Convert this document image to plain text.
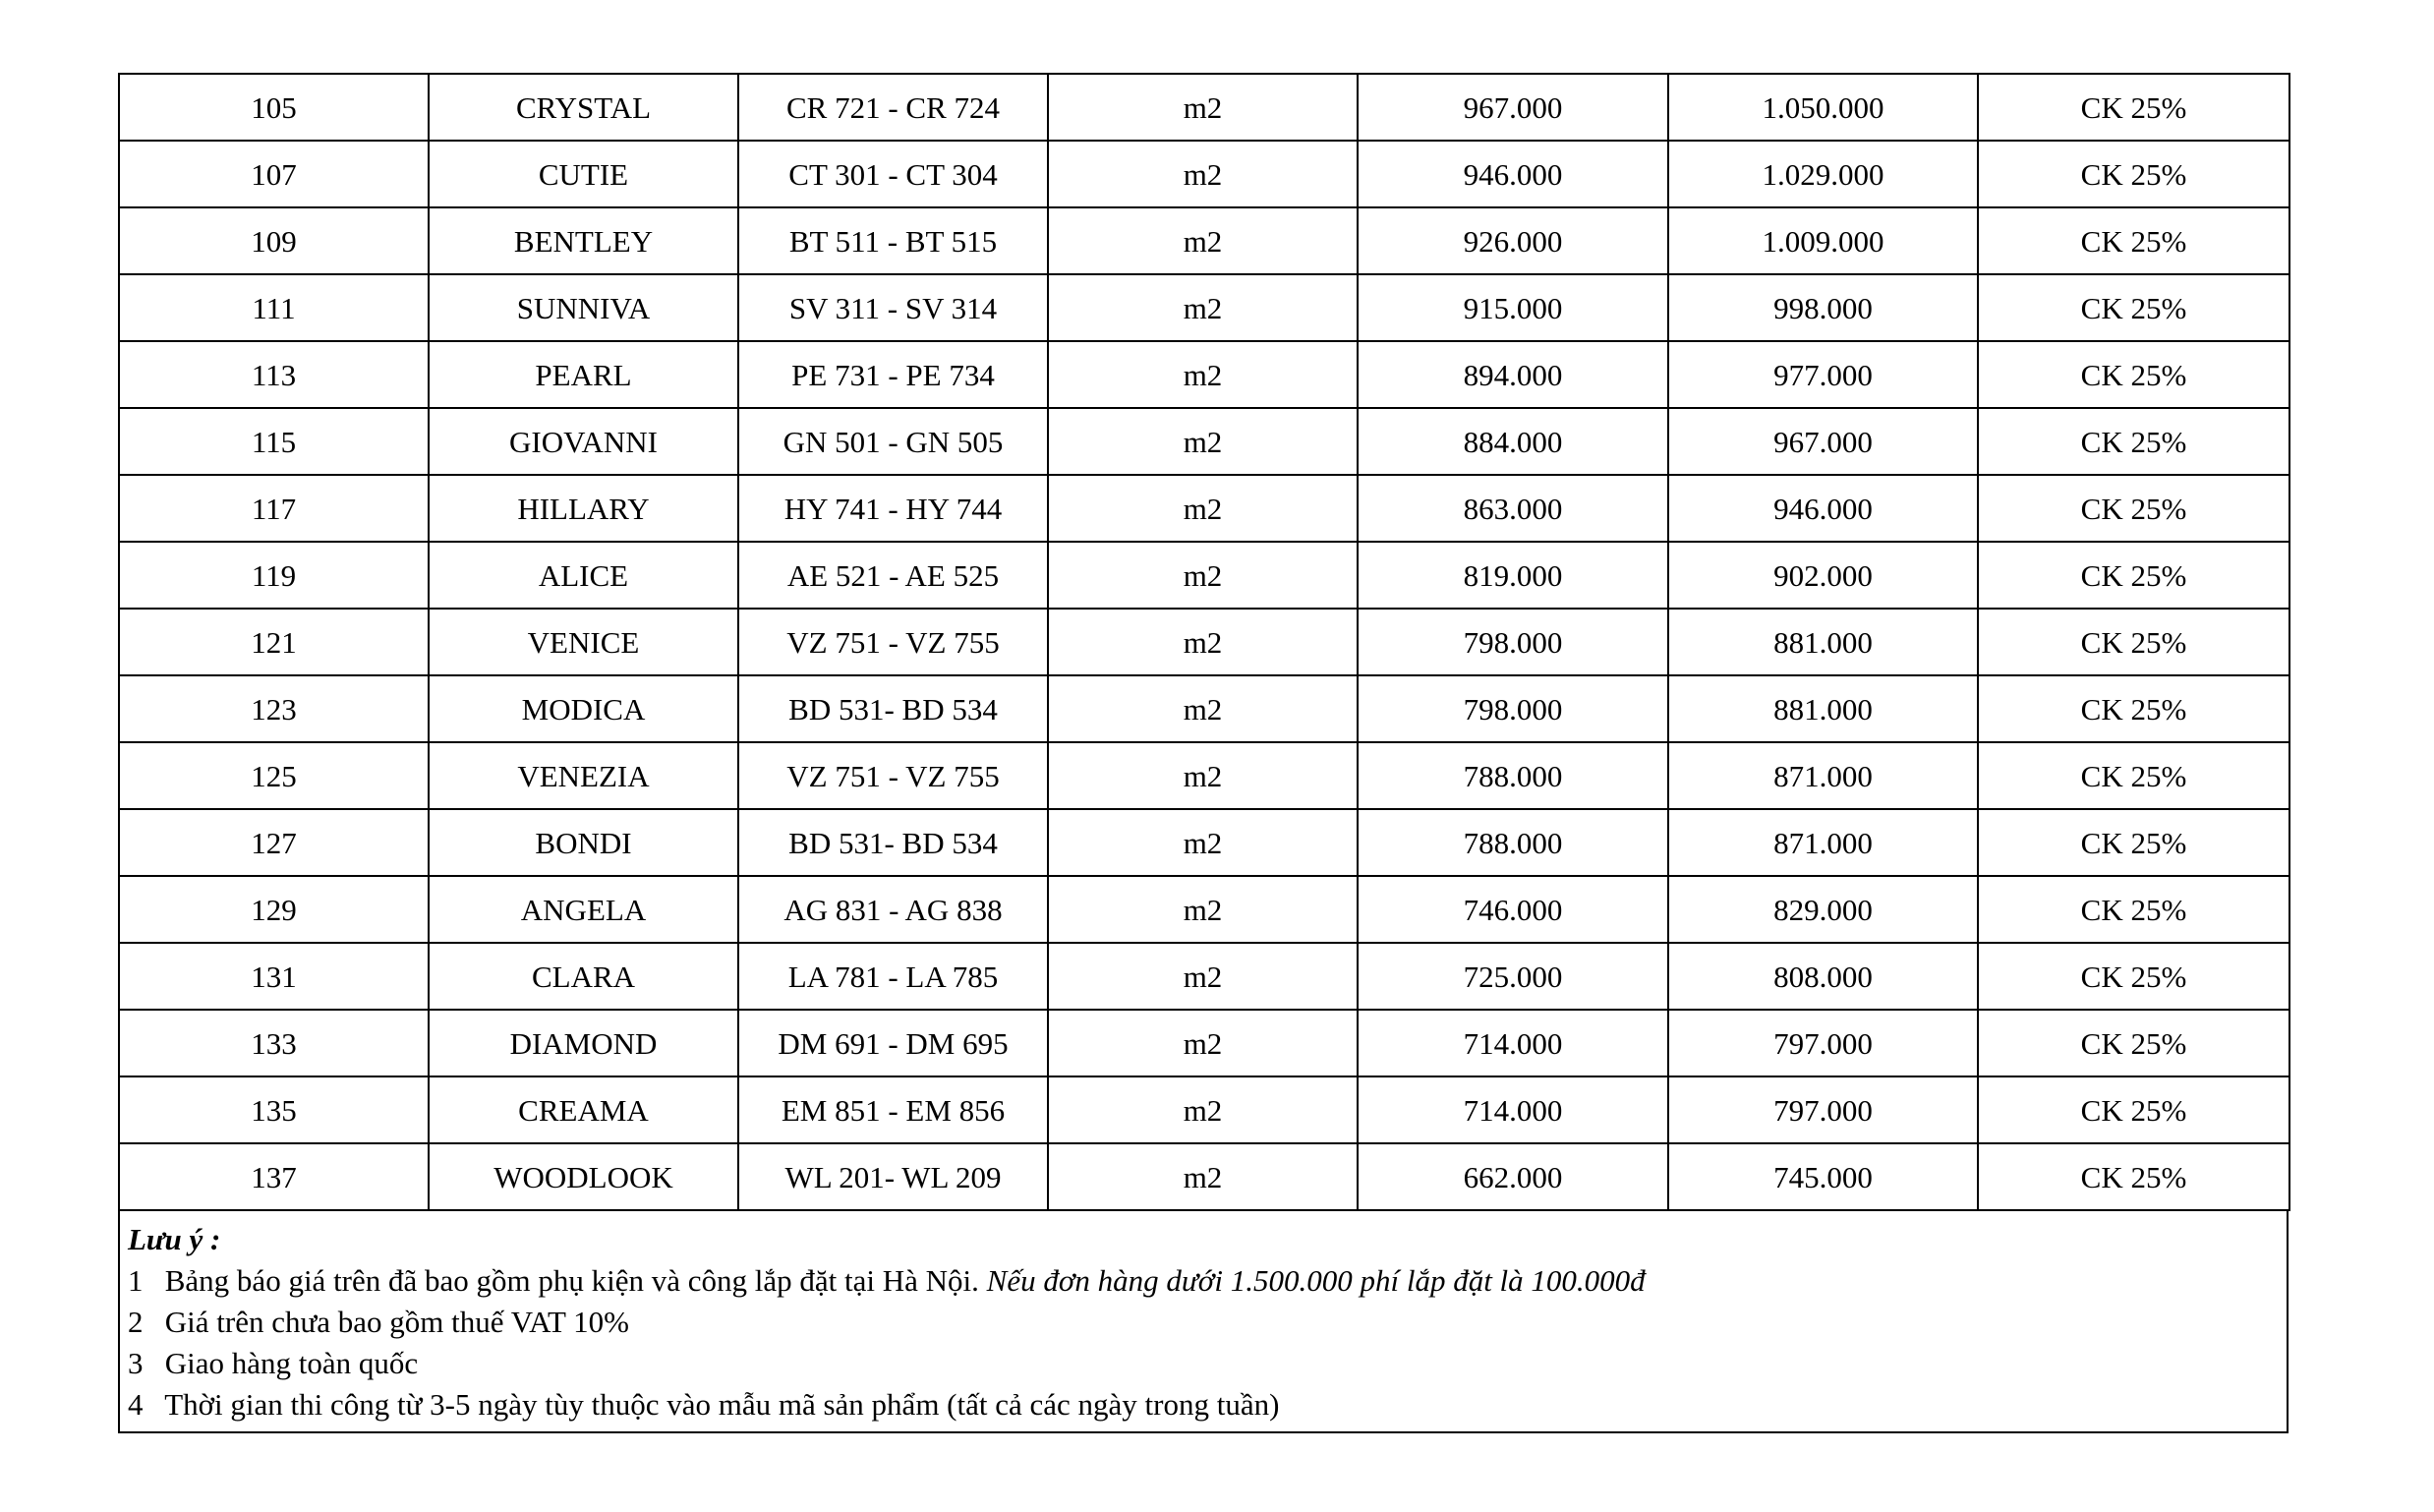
105	CRYSTAL	CR 721 - CR 724	m2	967.000	1.050.000	CK 25%
107	CUTIE	CT 301 - CT 304	m2	946.000	1.029.000	CK 25%
109	BENTLEY	BT 511 - BT 515	m2	926.000	1.009.000	CK 25%
111	SUNNIVA	SV 311 - SV 314	m2	915.000	998.000	CK 25%
113	PEARL	PE 731 - PE 734	m2	894.000	977.000	CK 25%
115	GIOVANNI	GN 501 - GN 505	m2	884.000	967.000	CK 25%
117	HILLARY	HY 741 - HY 744	m2	863.000	946.000	CK 25%
119	ALICE	AE 521 - AE 525	m2	819.000	902.000	CK 25%
121	VENICE	VZ 751 - VZ 755	m2	798.000	881.000	CK 25%
123	MODICA	BD 531- BD 534	m2	798.000	881.000	CK 25%
125	VENEZIA	VZ 751 - VZ 755	m2	788.000	871.000	CK 25%
127	BONDI	BD 531- BD 534	m2	788.000	871.000	CK 25%
129	ANGELA	AG 831 - AG 838	m2	746.000	829.000	CK 25%
131	CLARA	LA 781 - LA 785	m2	725.000	808.000	CK 25%
133	DIAMOND	DM 691 - DM 695	m2	714.000	797.000	CK 25%
135	CREAMA	EM 851 - EM 856	m2	714.000	797.000	CK 25%
137	WOODLOOK	WL 201- WL 209	m2	662.000	745.000	CK 25%
Lưu ý :
1 Bảng báo giá trên đã bao gồm phụ kiện và công lắp đặt tại Hà Nội. Nếu đơn hàng dưới 1.500.000 phí lắp đặt là 100.000đ
2 Giá trên chưa bao gồm thuế VAT 10%
3 Giao hàng toàn quốc
4 Thời gian thi công từ 3-5 ngày tùy thuộc vào mẫu mã sản phẩm (tất cả các ngày trong tuần)
